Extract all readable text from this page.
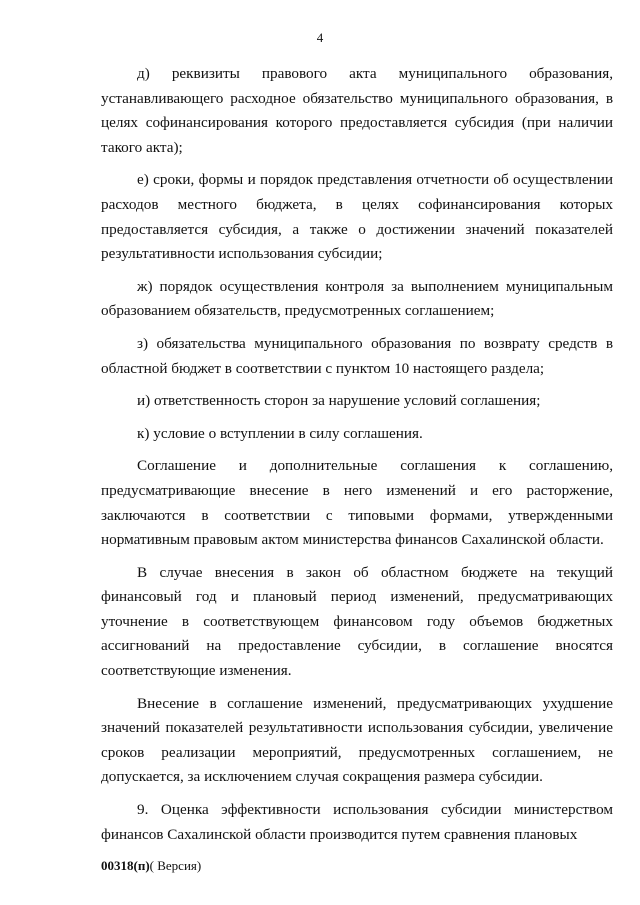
4

д) реквизиты правового акта муниципального образования, устанавливающего расходное обязательство муниципального образования, в целях софинансирования которого предоставляется субсидия (при наличии такого акта);

е) сроки, формы и порядок представления отчетности об осуществлении расходов местного бюджета, в целях софинансирования которых предоставляется субсидия, а также о достижении значений показателей результативности использования субсидии;

ж) порядок осуществления контроля за выполнением муниципальным образованием обязательств, предусмотренных соглашением;

з) обязательства муниципального образования по возврату средств в областной бюджет в соответствии с пунктом 10 настоящего раздела;

и) ответственность сторон за нарушение условий соглашения;

к) условие о вступлении в силу соглашения.

Соглашение и дополнительные соглашения к соглашению, предусматривающие внесение в него изменений и его расторжение, заключаются в соответствии с типовыми формами, утвержденными нормативным правовым актом министерства финансов Сахалинской области.

В случае внесения в закон об областном бюджете на текущий финансовый год и плановый период изменений, предусматривающих уточнение в соответствующем финансовом году объемов бюджетных ассигнований на предоставление субсидии, в соглашение вносятся соответствующие изменения.

Внесение в соглашение изменений, предусматривающих ухудшение значений показателей результативности использования субсидии, увеличение сроков реализации мероприятий, предусмотренных соглашением, не допускается, за исключением случая сокращения размера субсидии.

9. Оценка эффективности использования субсидии министерством финансов Сахалинской области производится путем сравнения плановых

00318(п)( Версия)
